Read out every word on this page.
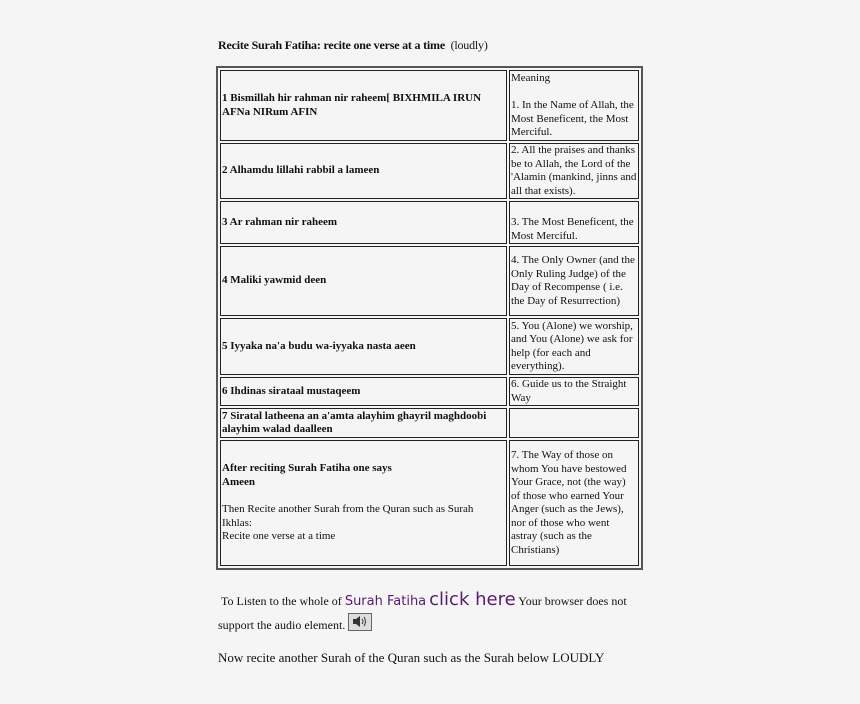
Recite Surah Fatiha: recite one verse at a time (loudly)
1 Bismillah hir rahman nir raheem[ BIXHMILA IRUN AFNa NIRum AFIN	Meaning
1. In the Name of Allah, the Most Beneficent, the Most Merciful.

2 Alhamdu lillahi rabbil a lameen	2. All the praises and thanks be to Allah, the Lord of the 'Alamin (mankind, jinns and all that exists).
3 Ar rahman nir raheem	3. The Most Beneficent, the Most Merciful.
4 Maliki yawmid deen	4. The Only Owner (and the Only Ruling Judge) of the Day of Recompense ( i.e. the Day of Resurrection)
5 Iyyaka na'a budu wa-iyyaka nasta aeen	5. You (Alone) we worship, and You (Alone) we ask for help (for each and everything).
6 Ihdinas sirataal mustaqeem	6. Guide us to the Straight Way
7 Siratal latheena an a'amta alayhim ghayril maghdoobi alayhim walad daalleen	

After reciting Surah Fatiha one says
Ameen
Then Recite another Surah from the Quran such as Surah Ikhlas:
Recite one verse at a time	7. The Way of those on whom You have bestowed Your Grace, not (the way) of those who earned Your Anger (such as the Jews), nor of those who went astray (such as the Christians)
To Listen to the whole of Surah Fatiha click here Your browser does not support the audio element.
Now recite another Surah of the Quran such as the Surah below LOUDLY
